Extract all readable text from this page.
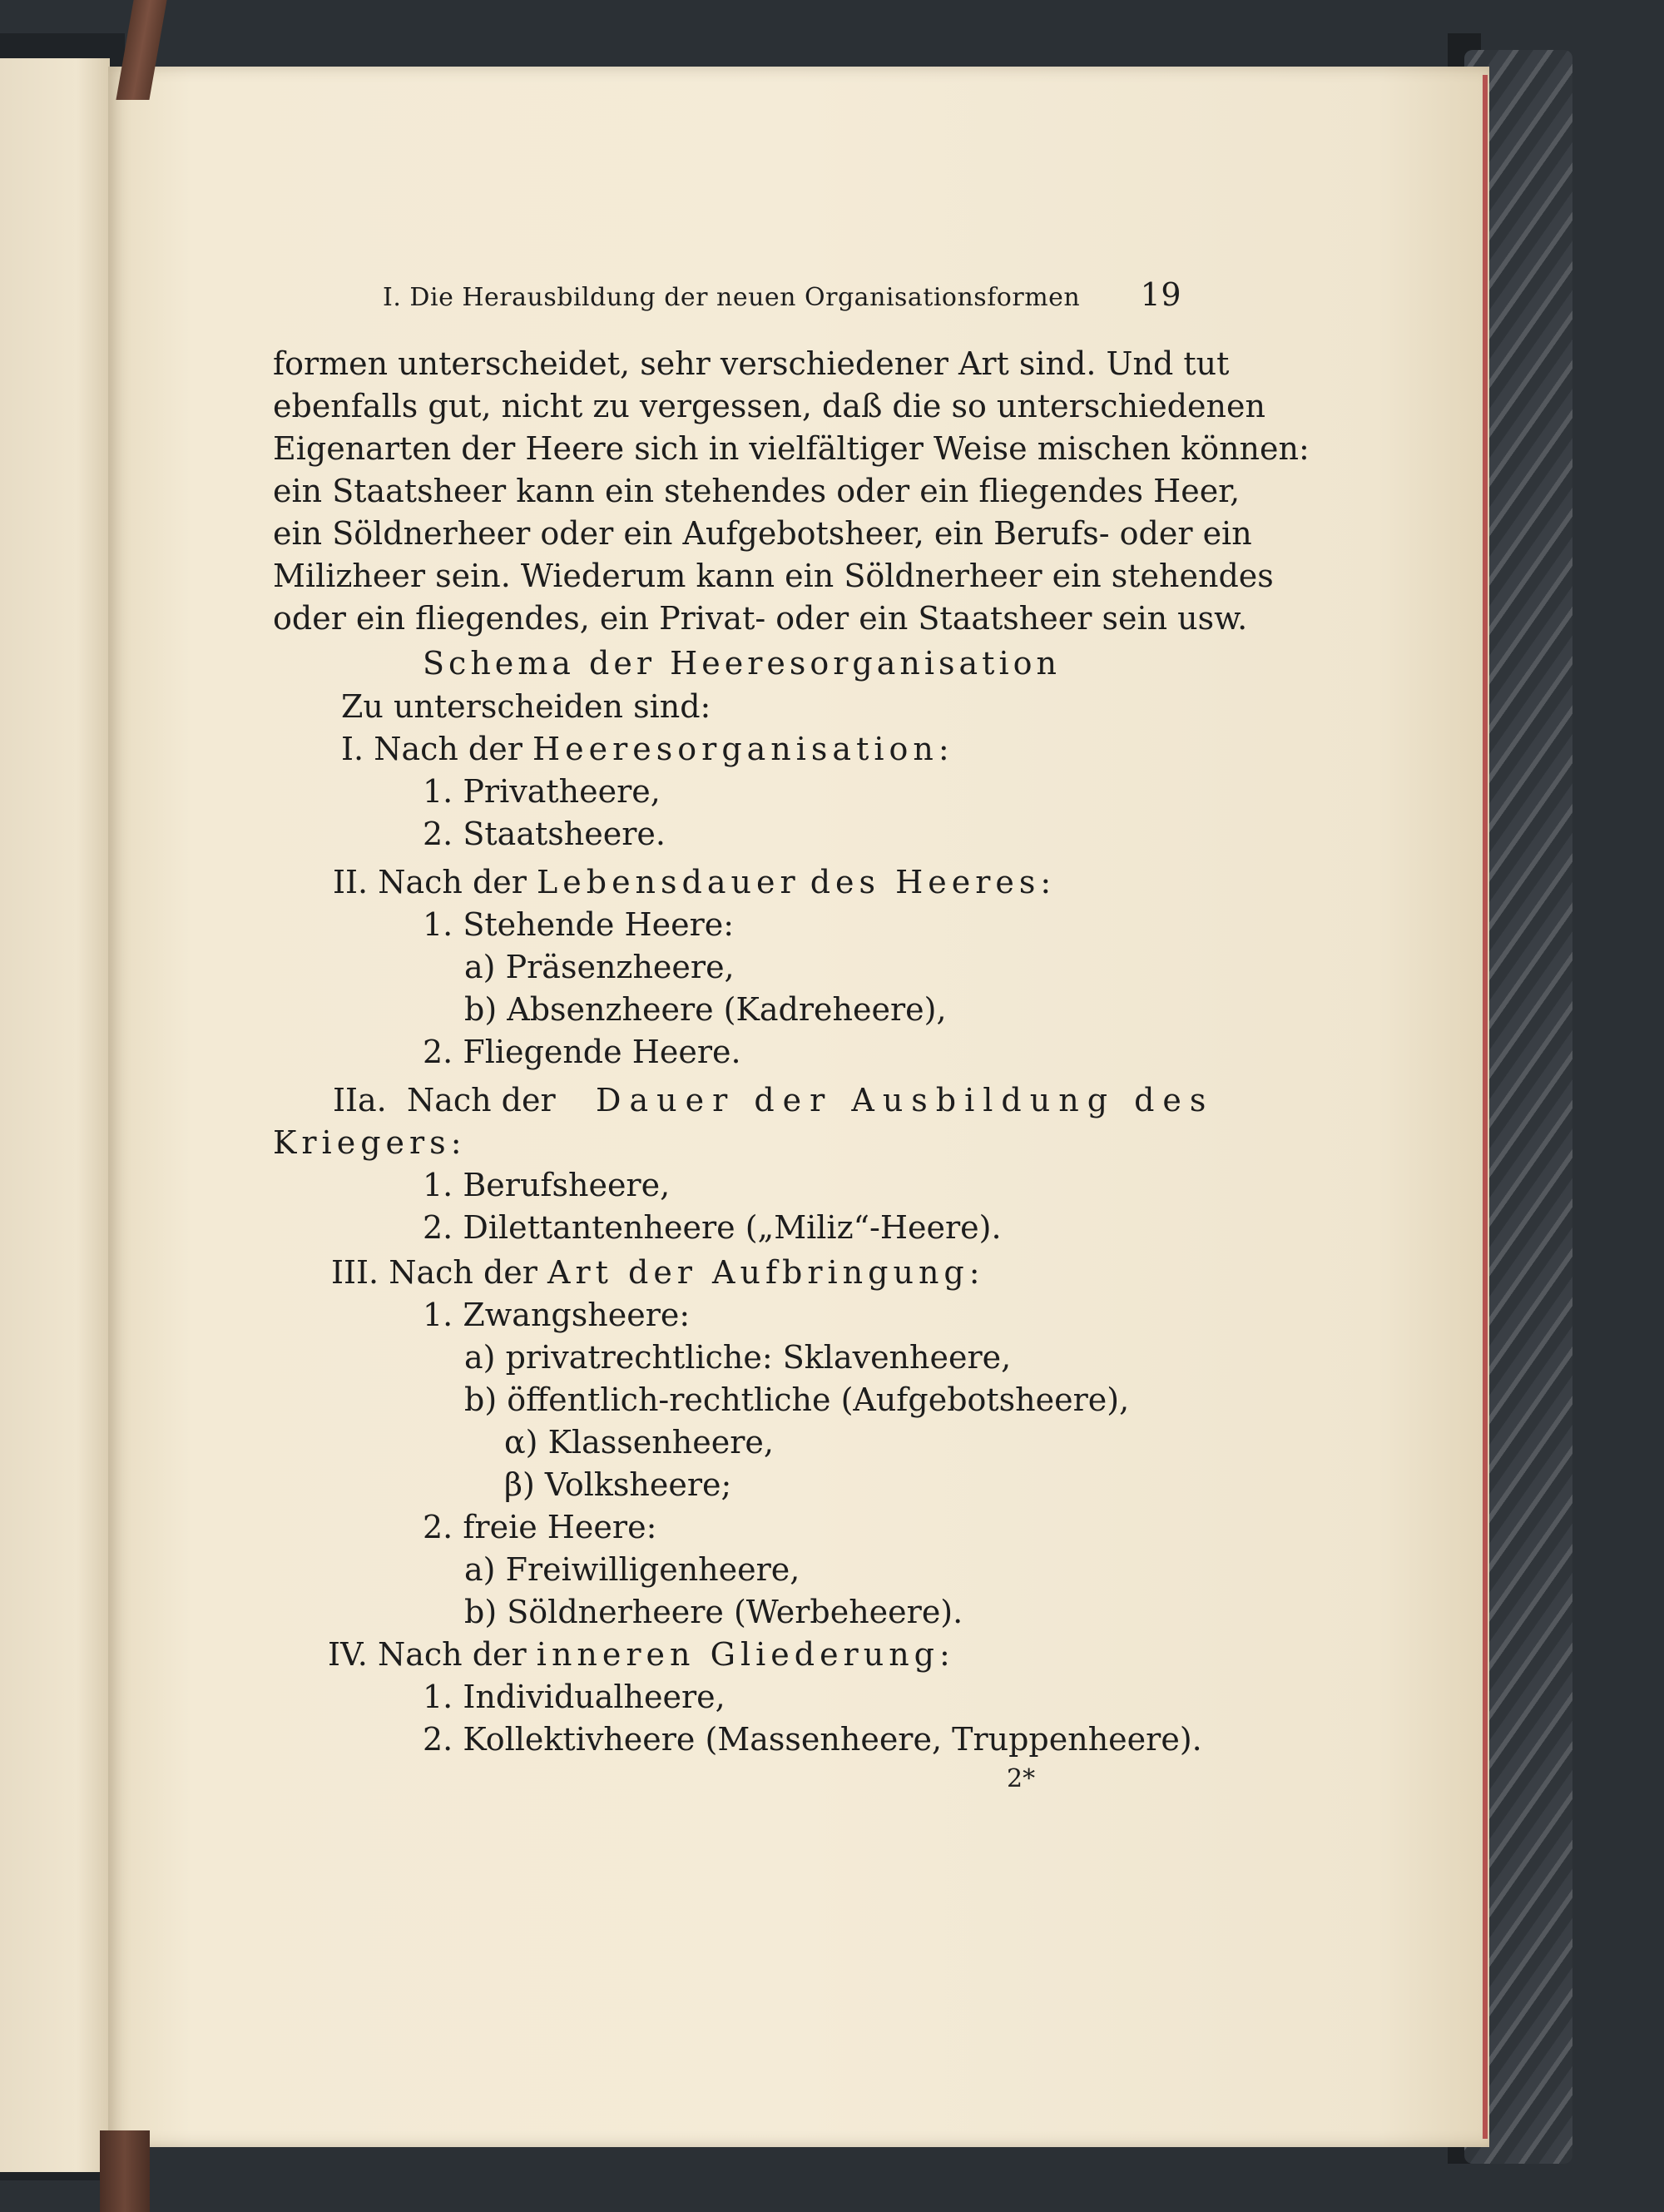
I. Die Herausbildung der neuen Organisationsformen 19
formen unterscheidet, sehr verschiedener Art sind. Und tut
ebenfalls gut, nicht zu vergessen, daß die so unterschiedenen
Eigenarten der Heere sich in vielfältiger Weise mischen können:
ein Staatsheer kann ein stehendes oder ein fliegendes Heer,
ein Söldnerheer oder ein Aufgebotsheer, ein Berufs- oder ein
Milizheer sein. Wiederum kann ein Söldnerheer ein stehendes
oder ein fliegendes, ein Privat- oder ein Staatsheer sein usw.
Schema der Heeresorganisation
Zu unterscheiden sind:
I. Nach der Heeresorganisation:
1. Privatheere,
2. Staatsheere.
II. Nach der Lebensdauer des Heeres:
1. Stehende Heere:
a) Präsenzheere,
b) Absenzheere (Kadreheere),
2. Fliegende Heere.
IIa. Nach der Dauer der Ausbildung des
Kriegers:
1. Berufsheere,
2. Dilettantenheere („Miliz“-Heere).
III. Nach der Art der Aufbringung:
1. Zwangsheere:
a) privatrechtliche: Sklavenheere,
b) öffentlich-rechtliche (Aufgebotsheere),
α) Klassenheere,
β) Volksheere;
2. freie Heere:
a) Freiwilligenheere,
b) Söldnerheere (Werbeheere).
IV. Nach der inneren Gliederung:
1. Individualheere,
2. Kollektivheere (Massenheere, Truppenheere).
2*
